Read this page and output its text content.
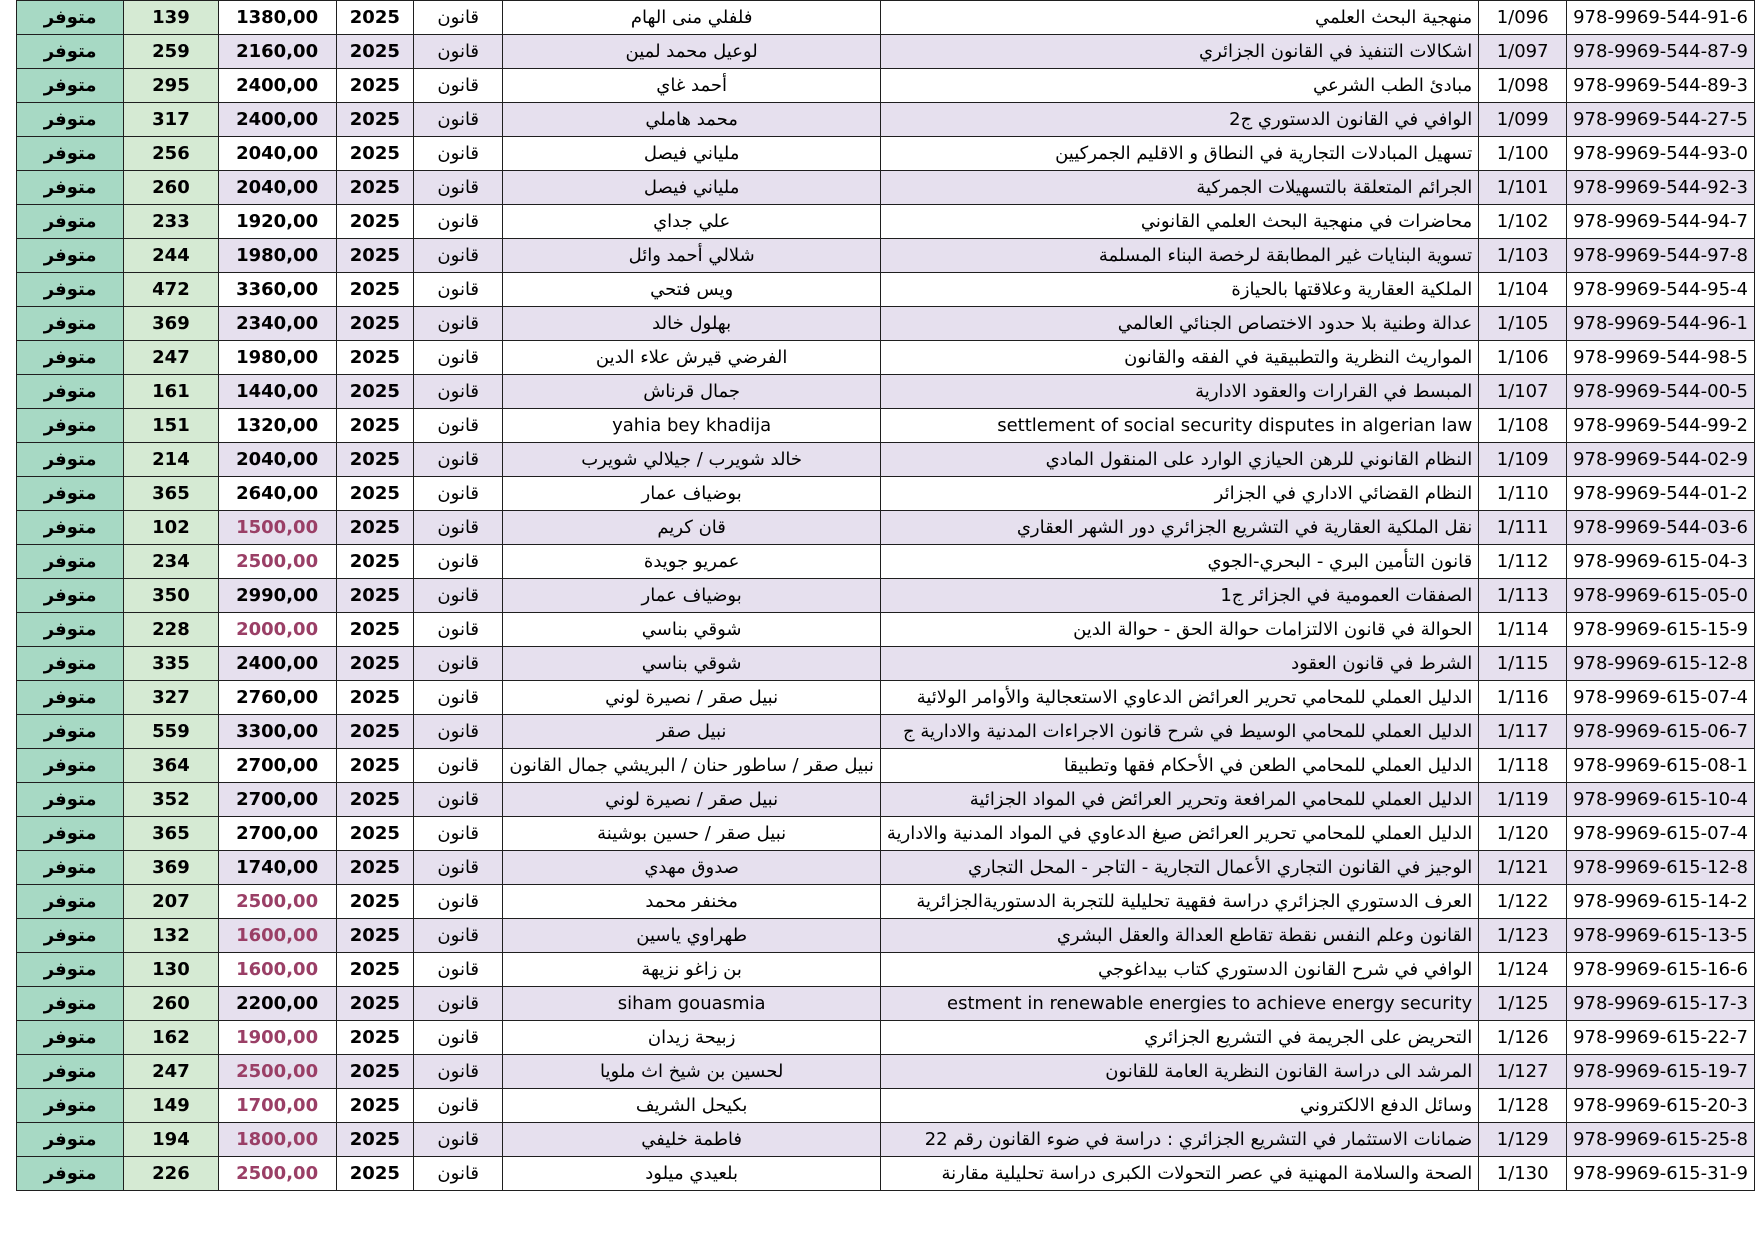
متوفر	139	1380,00	2025	قانون	فلفلي منى الهام	منهجية البحث العلمي	1/096	978-9969-544-91-6
متوفر	259	2160,00	2025	قانون	لوعيل محمد لمين	اشكالات التنفيذ في القانون الجزائري	1/097	978-9969-544-87-9
متوفر	295	2400,00	2025	قانون	أحمد غاي	مبادئ الطب الشرعي	1/098	978-9969-544-89-3
متوفر	317	2400,00	2025	قانون	محمد هاملي	الوافي في القانون الدستوري ج2	1/099	978-9969-544-27-5
متوفر	256	2040,00	2025	قانون	ملياني فيصل	تسهيل المبادلات التجارية في النطاق و الاقليم الجمركيين	1/100	978-9969-544-93-0
متوفر	260	2040,00	2025	قانون	ملياني فيصل	الجرائم المتعلقة بالتسهيلات الجمركية	1/101	978-9969-544-92-3
متوفر	233	1920,00	2025	قانون	علي جداي	محاضرات في منهجية البحث العلمي القانوني	1/102	978-9969-544-94-7
متوفر	244	1980,00	2025	قانون	شلالي أحمد وائل	تسوية البنايات غير المطابقة لرخصة البناء المسلمة	1/103	978-9969-544-97-8
متوفر	472	3360,00	2025	قانون	ويس فتحي	الملكية العقارية وعلاقتها بالحيازة	1/104	978-9969-544-95-4
متوفر	369	2340,00	2025	قانون	بهلول خالد	عدالة وطنية بلا حدود الاختصاص الجنائي العالمي	1/105	978-9969-544-96-1
متوفر	247	1980,00	2025	قانون	الفرضي قيرش علاء الدين	المواريث النظرية والتطبيقية في الفقه والقانون	1/106	978-9969-544-98-5
متوفر	161	1440,00	2025	قانون	جمال قرناش	المبسط في القرارات والعقود الادارية	1/107	978-9969-544-00-5
متوفر	151	1320,00	2025	قانون	yahia bey khadija	settlement of social security disputes in algerian law	1/108	978-9969-544-99-2
متوفر	214	2040,00	2025	قانون	خالد شويرب / جيلالي شويرب	النظام القانوني للرهن الحيازي الوارد على المنقول المادي	1/109	978-9969-544-02-9
متوفر	365	2640,00	2025	قانون	بوضياف عمار	النظام القضائي الاداري في الجزائر	1/110	978-9969-544-01-2
متوفر	102	1500,00	2025	قانون	قان كريم	نقل الملكية العقارية في التشريع الجزائري دور الشهر العقاري	1/111	978-9969-544-03-6
متوفر	234	2500,00	2025	قانون	عمريو جويدة	قانون التأمين البري - البحري-الجوي	1/112	978-9969-615-04-3
متوفر	350	2990,00	2025	قانون	بوضياف عمار	الصفقات العمومية في الجزائر ج1	1/113	978-9969-615-05-0
متوفر	228	2000,00	2025	قانون	شوقي بناسي	الحوالة في قانون الالتزامات حوالة الحق - حوالة الدين	1/114	978-9969-615-15-9
متوفر	335	2400,00	2025	قانون	شوقي بناسي	الشرط في قانون العقود	1/115	978-9969-615-12-8
متوفر	327	2760,00	2025	قانون	نبيل صقر / نصيرة لوني	الدليل العملي للمحامي تحرير العرائض الدعاوي الاستعجالية والأوامر الولائية	1/116	978-9969-615-07-4
متوفر	559	3300,00	2025	قانون	نبيل صقر	الدليل العملي للمحامي الوسيط في شرح قانون الاجراءات المدنية والادارية ج	1/117	978-9969-615-06-7
متوفر	364	2700,00	2025	قانون	نبيل صقر / ساطور حنان / البريشي جمال القانون	الدليل العملي للمحامي الطعن في الأحكام فقها وتطبيقا	1/118	978-9969-615-08-1
متوفر	352	2700,00	2025	قانون	نبيل صقر / نصيرة لوني	الدليل العملي للمحامي المرافعة وتحرير العرائض في المواد الجزائية	1/119	978-9969-615-10-4
متوفر	365	2700,00	2025	قانون	نبيل صقر / حسين بوشينة	الدليل العملي للمحامي تحرير العرائض صيغ الدعاوي في المواد المدنية والادارية	1/120	978-9969-615-07-4
متوفر	369	1740,00	2025	قانون	صدوق مهدي	الوجيز في القانون التجاري الأعمال التجارية - التاجر - المحل التجاري	1/121	978-9969-615-12-8
متوفر	207	2500,00	2025	قانون	مخنفر محمد	العرف الدستوري الجزائري دراسة فقهية تحليلية للتجربة الدستوريةالجزائرية	1/122	978-9969-615-14-2
متوفر	132	1600,00	2025	قانون	طهراوي ياسين	القانون وعلم النفس نقطة تقاطع العدالة والعقل البشري	1/123	978-9969-615-13-5
متوفر	130	1600,00	2025	قانون	بن زاغو نزيهة	الوافي في شرح القانون الدستوري كتاب بيداغوجي	1/124	978-9969-615-16-6
متوفر	260	2200,00	2025	قانون	siham gouasmia	estment in renewable energies to achieve energy security	1/125	978-9969-615-17-3
متوفر	162	1900,00	2025	قانون	زبيحة زيدان	التحريض على الجريمة في التشريع الجزائري	1/126	978-9969-615-22-7
متوفر	247	2500,00	2025	قانون	لحسين بن شيخ اث ملويا	المرشد الى دراسة القانون النظرية العامة للقانون	1/127	978-9969-615-19-7
متوفر	149	1700,00	2025	قانون	بكيحل الشريف	وسائل الدفع الالكتروني	1/128	978-9969-615-20-3
متوفر	194	1800,00	2025	قانون	فاطمة خليفي	ضمانات الاستثمار في التشريع الجزائري : دراسة في ضوء القانون رقم 22	1/129	978-9969-615-25-8
متوفر	226	2500,00	2025	قانون	بلعيدي ميلود	الصحة والسلامة المهنية في عصر التحولات الكبرى دراسة تحليلية مقارنة	1/130	978-9969-615-31-9
